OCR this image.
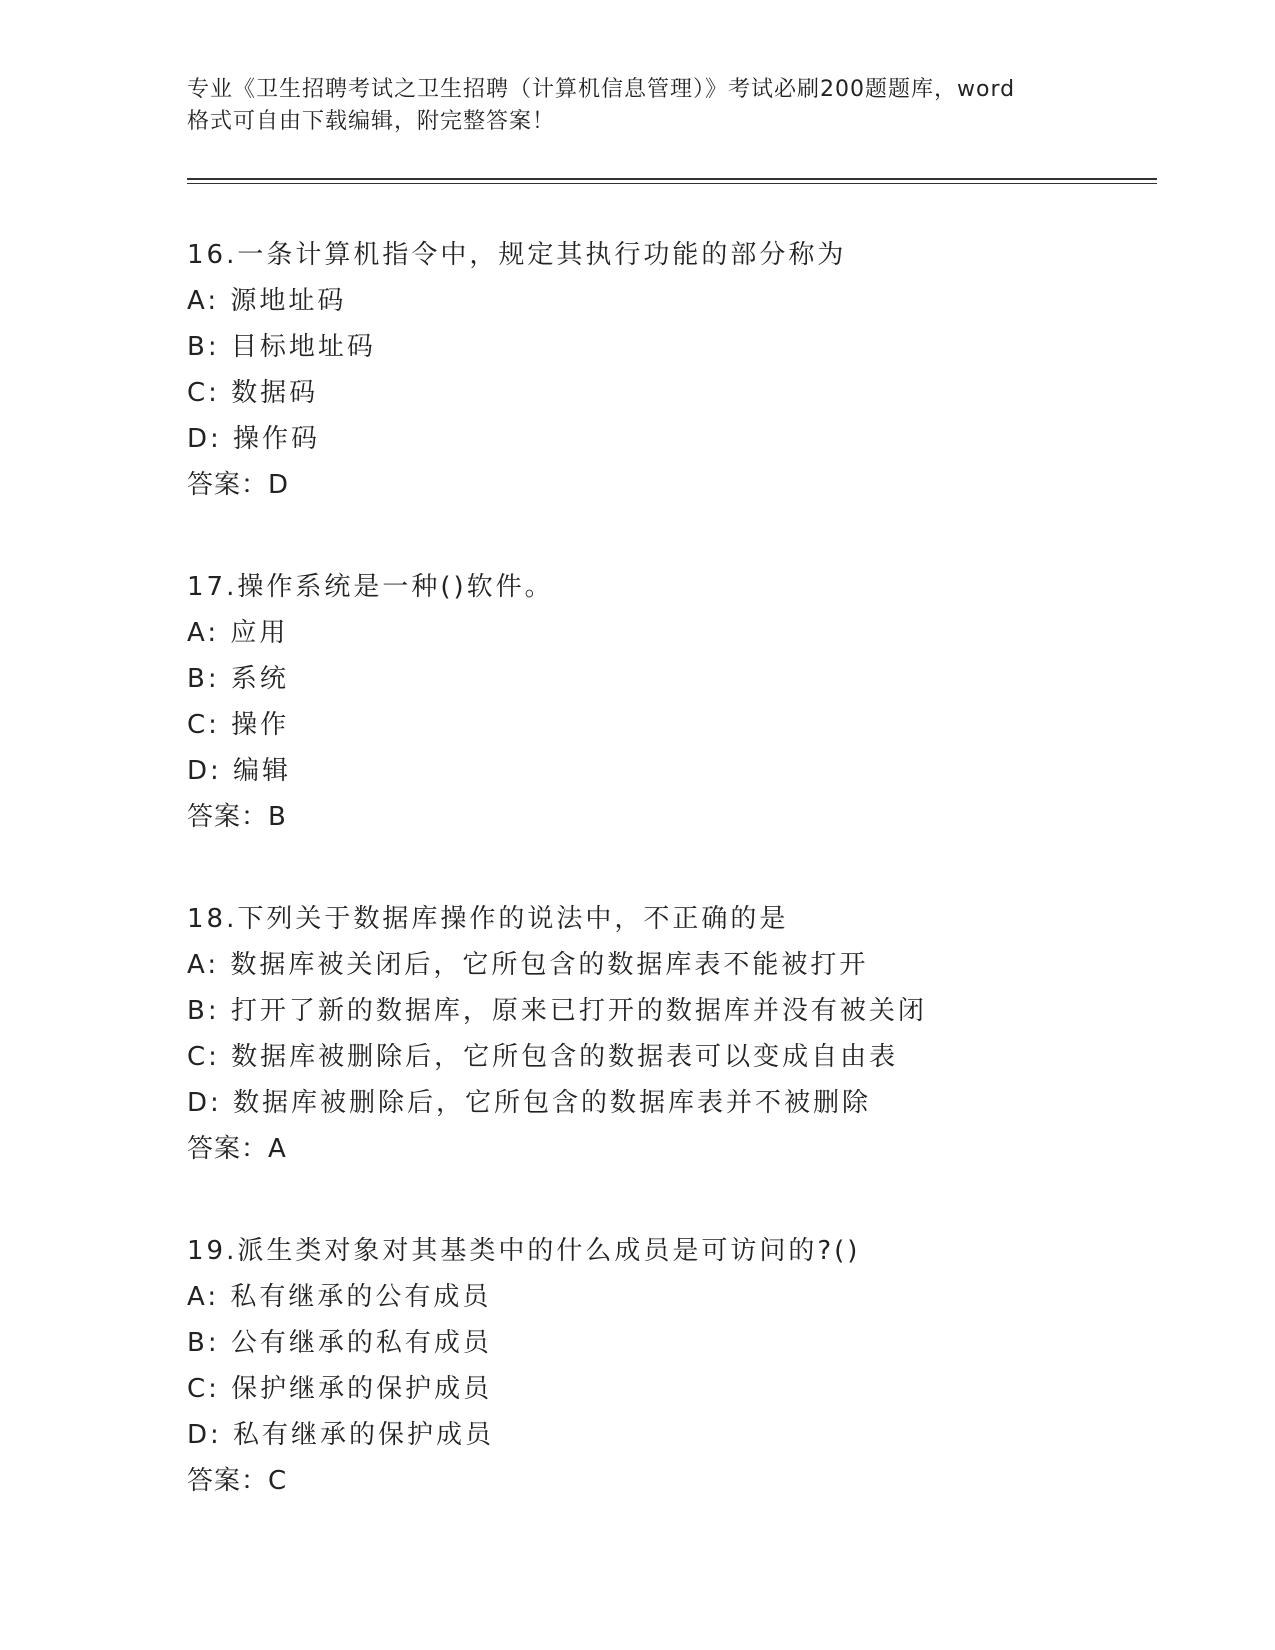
专业《卫生招聘考试之卫生招聘（计算机信息管理）》考试必刷200题题库，word

格式可自由下载编辑，附完整答案！

16.一条计算机指令中，规定其执行功能的部分称为
A: 源地址码
B: 目标地址码
C: 数据码
D: 操作码
答案：D
17.操作系统是一种()软件。
A: 应用
B: 系统
C: 操作
D: 编辑
答案：B
18.下列关于数据库操作的说法中，不正确的是
A: 数据库被关闭后，它所包含的数据库表不能被打开
B: 打开了新的数据库，原来已打开的数据库并没有被关闭
C: 数据库被删除后，它所包含的数据表可以变成自由表
D: 数据库被删除后，它所包含的数据库表并不被删除
答案：A
19.派生类对象对其基类中的什么成员是可访问的?()
A: 私有继承的公有成员
B: 公有继承的私有成员
C: 保护继承的保护成员
D: 私有继承的保护成员
答案：C
